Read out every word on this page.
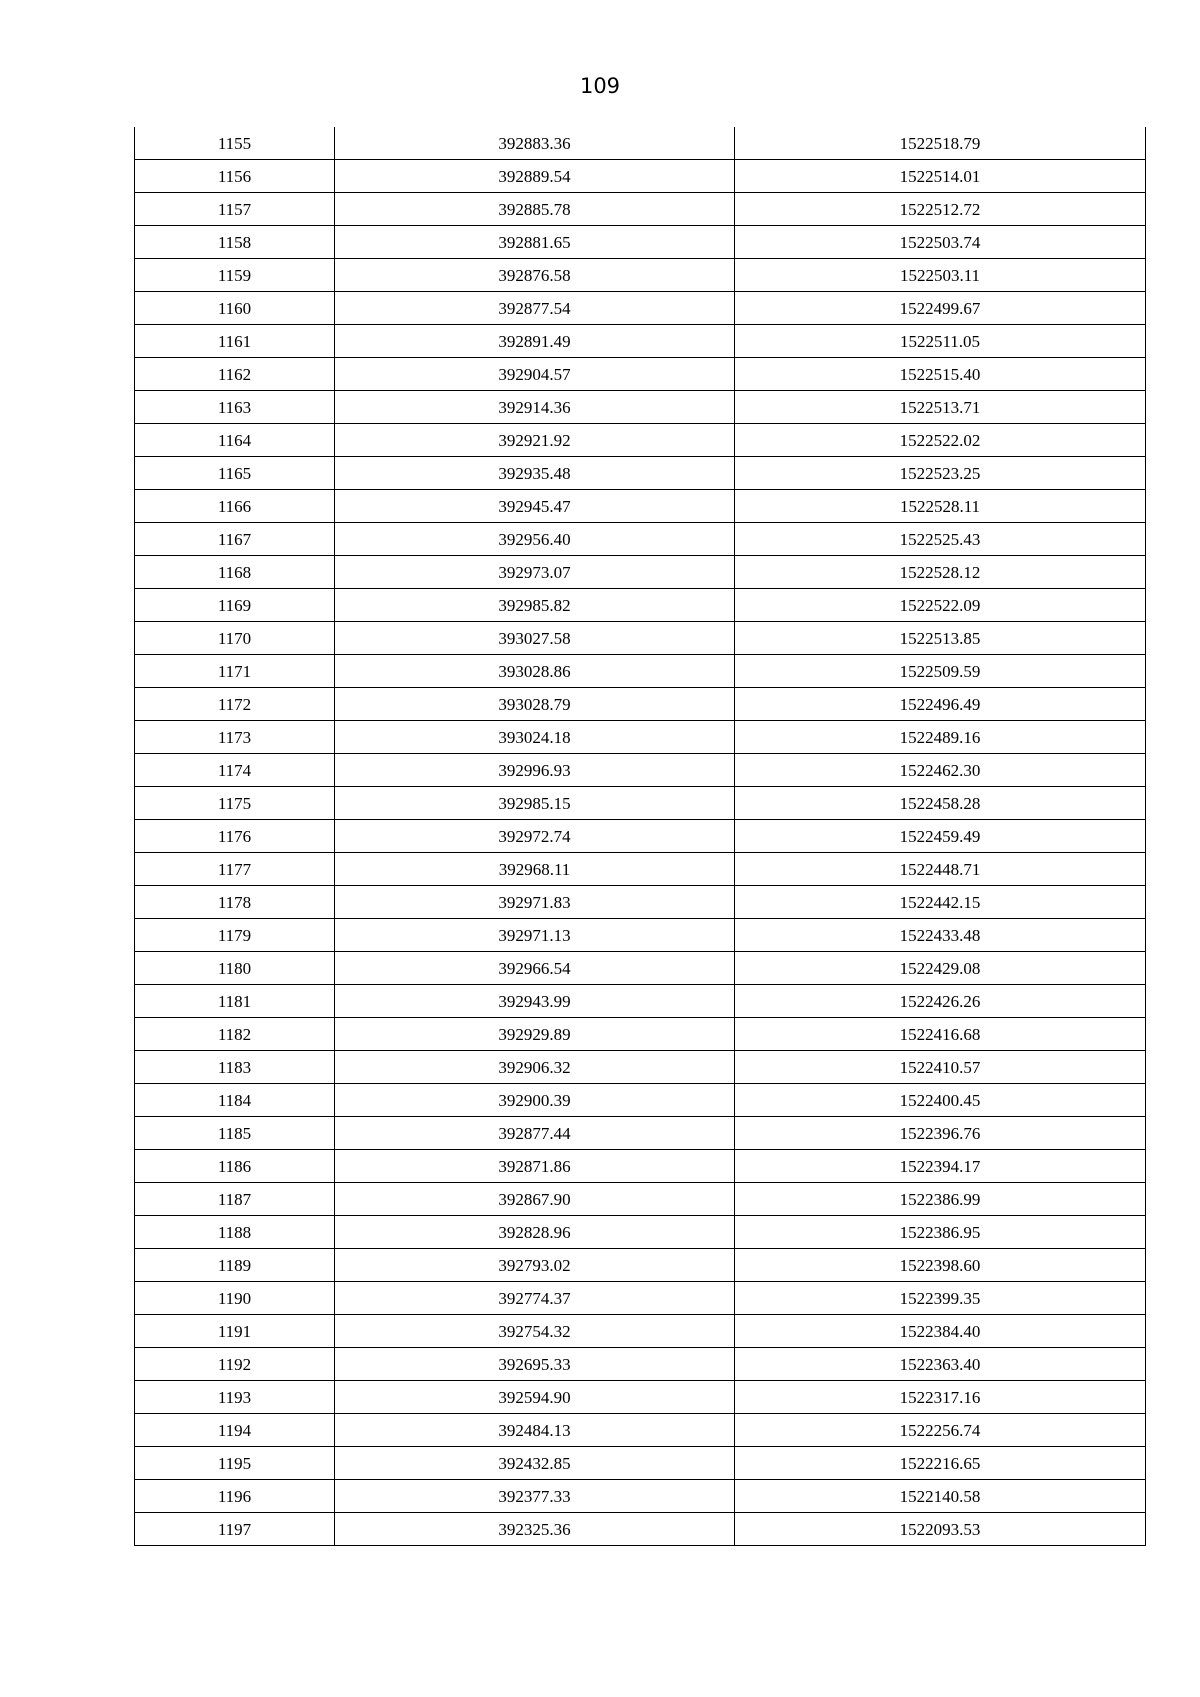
109
1155	392883.36	1522518.79
1156	392889.54	1522514.01
1157	392885.78	1522512.72
1158	392881.65	1522503.74
1159	392876.58	1522503.11
1160	392877.54	1522499.67
1161	392891.49	1522511.05
1162	392904.57	1522515.40
1163	392914.36	1522513.71
1164	392921.92	1522522.02
1165	392935.48	1522523.25
1166	392945.47	1522528.11
1167	392956.40	1522525.43
1168	392973.07	1522528.12
1169	392985.82	1522522.09
1170	393027.58	1522513.85
1171	393028.86	1522509.59
1172	393028.79	1522496.49
1173	393024.18	1522489.16
1174	392996.93	1522462.30
1175	392985.15	1522458.28
1176	392972.74	1522459.49
1177	392968.11	1522448.71
1178	392971.83	1522442.15
1179	392971.13	1522433.48
1180	392966.54	1522429.08
1181	392943.99	1522426.26
1182	392929.89	1522416.68
1183	392906.32	1522410.57
1184	392900.39	1522400.45
1185	392877.44	1522396.76
1186	392871.86	1522394.17
1187	392867.90	1522386.99
1188	392828.96	1522386.95
1189	392793.02	1522398.60
1190	392774.37	1522399.35
1191	392754.32	1522384.40
1192	392695.33	1522363.40
1193	392594.90	1522317.16
1194	392484.13	1522256.74
1195	392432.85	1522216.65
1196	392377.33	1522140.58
1197	392325.36	1522093.53
